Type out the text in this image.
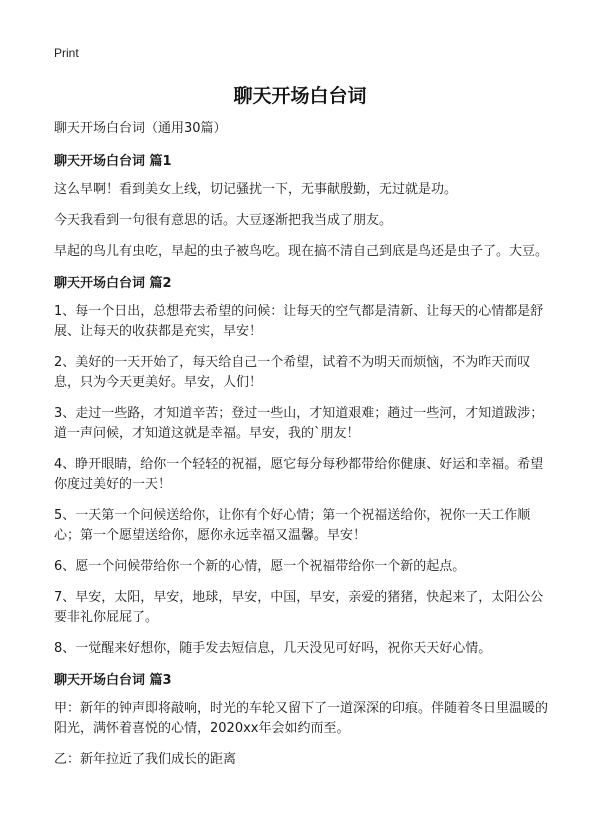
Print
聊天开场白台词

聊天开场白台词（通用30篇）

聊天开场白台词 篇1

这么早啊！看到美女上线，切记骚扰一下，无事献殷勤，无过就是功。

今天我看到一句很有意思的话。大豆逐渐把我当成了朋友。

早起的鸟儿有虫吃，早起的虫子被鸟吃。现在搞不清自己到底是鸟还是虫子了。大豆。

聊天开场白台词 篇2

1、每一个日出，总想带去希望的问候：让每天的空气都是清新、让每天的心情都是舒展、让每天的收获都是充实，早安！

2、美好的一天开始了，每天给自己一个希望，试着不为明天而烦恼，不为昨天而叹息，只为今天更美好。早安，人们！

3、走过一些路，才知道辛苦；登过一些山，才知道艰难；趟过一些河，才知道跋涉；道一声问候，才知道这就是幸福。早安，我的`朋友！

4、睁开眼睛，给你一个轻轻的祝福，愿它每分每秒都带给你健康、好运和幸福。希望你度过美好的一天！

5、一天第一个问候送给你，让你有个好心情；第一个祝福送给你，祝你一天工作顺心；第一个愿望送给你，愿你永远幸福又温馨。早安！

6、愿一个问候带给你一个新的心情，愿一个祝福带给你一个新的起点。

7、早安，太阳，早安，地球，早安，中国，早安，亲爱的猪猪，快起来了，太阳公公要非礼你屁屁了。

8、一觉醒来好想你，随手发去短信息，几天没见可好吗，祝你天天好心情。

聊天开场白台词 篇3

甲：新年的钟声即将敲响，时光的车轮又留下了一道深深的印痕。伴随着冬日里温暖的阳光，满怀着喜悦的心情，2020xx年会如约而至。

乙：新年拉近了我们成长的距离
